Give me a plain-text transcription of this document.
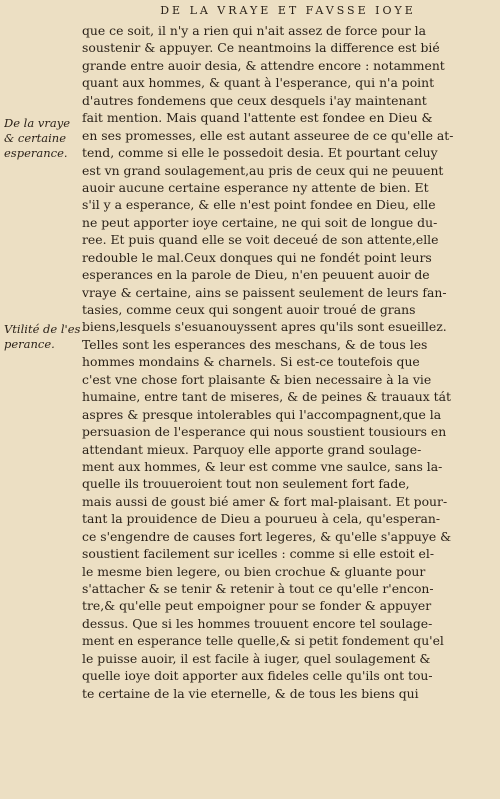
DE LA VRAYE ET FAVSSE IOYE
De la vraye
& certaine
esperance.
Vtilité de l'es
perance.
que ce soit, il n'y a rien qui n'ait assez de force pour la
soustenir & appuyer. Ce neantmoins la difference est bié
grande entre auoir desia, & attendre encore : notamment
quant aux hommes, & quant à l'esperance, qui n'a point
d'autres fondemens que ceux desquels i'ay maintenant
fait mention. Mais quand l'attente est fondee en Dieu &
en ses promesses, elle est autant asseuree de ce qu'elle at-
tend, comme si elle le possedoit desia. Et pourtant celuy
est vn grand soulagement,au pris de ceux qui ne peuuent
auoir aucune certaine esperance ny attente de bien. Et
s'il y a esperance, & elle n'est point fondee en Dieu, elle
ne peut apporter ioye certaine, ne qui soit de longue du-
ree. Et puis quand elle se voit deceué de son attente,elle
redouble le mal.Ceux donques qui ne fondét point leurs
esperances en la parole de Dieu, n'en peuuent auoir de
vraye & certaine, ains se paissent seulement de leurs fan-
tasies, comme ceux qui songent auoir troué de grans
biens,lesquels s'esuanouyssent apres qu'ils sont esueillez.
Telles sont les esperances des meschans, & de tous les
hommes mondains & charnels. Si est-ce toutefois que
c'est vne chose fort plaisante & bien necessaire à la vie
humaine, entre tant de miseres, & de peines & trauaux tát
aspres & presque intolerables qui l'accompagnent,que la
persuasion de l'esperance qui nous soustient tousiours en
attendant mieux. Parquoy elle apporte grand soulage-
ment aux hommes, & leur est comme vne saulce, sans la-
quelle ils trouueroient tout non seulement fort fade,
mais aussi de goust bié amer & fort mal-plaisant. Et pour-
tant la prouidence de Dieu a pourueu à cela, qu'esperan-
ce s'engendre de causes fort legeres, & qu'elle s'appuye &
soustient facilement sur icelles : comme si elle estoit el-
le mesme bien legere, ou bien crochue & gluante pour
s'attacher & se tenir & retenir à tout ce qu'elle r'encon-
tre,& qu'elle peut empoigner pour se fonder & appuyer
dessus. Que si les hommes trouuent encore tel soulage-
ment en esperance telle quelle,& si petit fondement qu'el
le puisse auoir, il est facile à iuger, quel soulagement &
quelle ioye doit apporter aux fideles celle qu'ils ont tou-
te certaine de la vie eternelle, & de tous les biens qui
